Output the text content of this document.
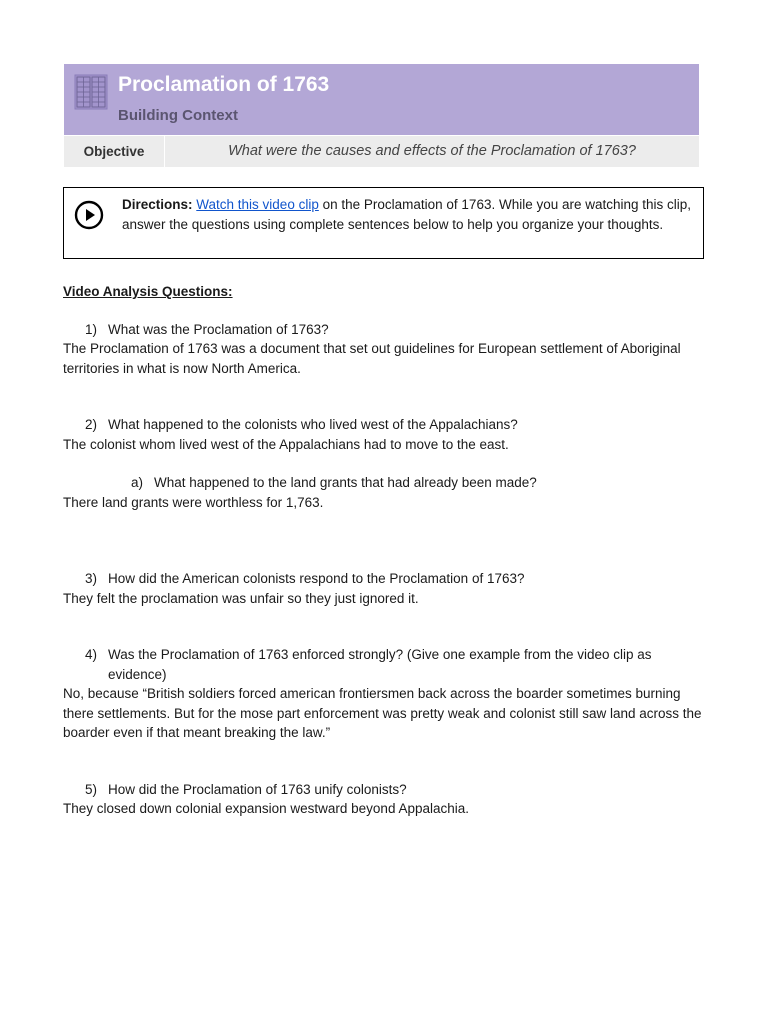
Proclamation of 1763
Building Context
Objective	What were the causes and effects of the Proclamation of 1763?
Directions: Watch this video clip on the Proclamation of 1763. While you are watching this clip, answer the questions using complete sentences below to help you organize your thoughts.

Video Analysis Questions:

1) What was the Proclamation of 1763?

The Proclamation of 1763 was a document that set out guidelines for European settlement of Aboriginal territories in what is now North America.

2) What happened to the colonists who lived west of the Appalachians?

The colonist whom lived west of the Appalachians had to move to the east.

a) What happened to the land grants that had already been made?

There land grants were worthless for 1,763.

3) How did the American colonists respond to the Proclamation of 1763?

They felt the proclamation was unfair so they just ignored it.

4) Was the Proclamation of 1763 enforced strongly? (Give one example from the video clip as evidence)

No, because “British soldiers forced american frontiersmen back across the boarder sometimes burning there settlements. But for the mose part enforcement was pretty weak and colonist still saw land across the boarder even if that meant breaking the law.”

5) How did the Proclamation of 1763 unify colonists?

They closed down colonial expansion westward beyond Appalachia.
